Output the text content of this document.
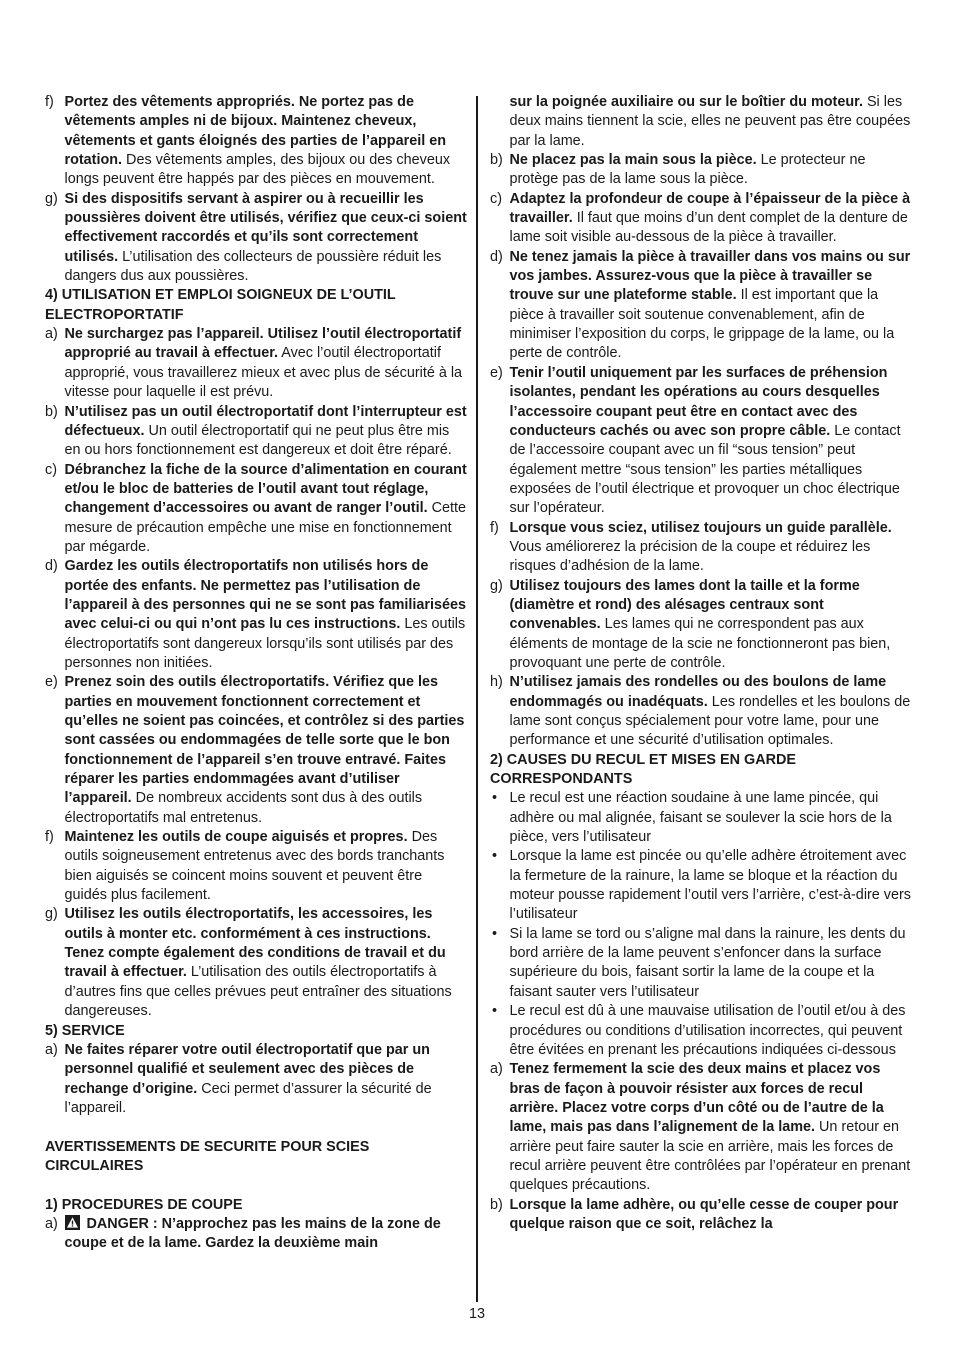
f) Portez des vêtements appropriés. Ne portez pas de vêtements amples ni de bijoux. Maintenez cheveux, vêtements et gants éloignés des parties de l’appareil en rotation. Des vêtements amples, des bijoux ou des cheveux longs peuvent être happés par des pièces en mouvement.
g) Si des dispositifs servant à aspirer ou à recueillir les poussières doivent être utilisés, vérifiez que ceux-ci soient effectivement raccordés et qu’ils sont correctement utilisés. L’utilisation des collecteurs de poussière réduit les dangers dus aux poussières.
4) UTILISATION ET EMPLOI SOIGNEUX DE L’OUTIL ELECTROPORTATIF
a) Ne surchargez pas l’appareil. Utilisez l’outil électroportatif approprié au travail à effectuer. Avec l’outil électroportatif approprié, vous travaillerez mieux et avec plus de sécurité à la vitesse pour laquelle il est prévu.
b) N’utilisez pas un outil électroportatif dont l’interrupteur est défectueux. Un outil électroportatif qui ne peut plus être mis en ou hors fonctionnement est dangereux et doit être réparé.
c) Débranchez la fiche de la source d’alimentation en courant et/ou le bloc de batteries de l’outil avant tout réglage, changement d’accessoires ou avant de ranger l’outil. Cette mesure de précaution empêche une mise en fonctionnement par mégarde.
d) Gardez les outils électroportatifs non utilisés hors de portée des enfants. Ne permettez pas l’utilisation de l’appareil à des personnes qui ne se sont pas familiarisées avec celui-ci ou qui n’ont pas lu ces instructions. Les outils électroportatifs sont dangereux lorsqu’ils sont utilisés par des personnes non initiées.
e) Prenez soin des outils électroportatifs. Vérifiez que les parties en mouvement fonctionnent correctement et qu’elles ne soient pas coincées, et contrôlez si des parties sont cassées ou endommagées de telle sorte que le bon fonctionnement de l’appareil s’en trouve entravé. Faites réparer les parties endommagées avant d’utiliser l’appareil. De nombreux accidents sont dus à des outils électroportatifs mal entretenus.
f) Maintenez les outils de coupe aiguisés et propres. Des outils soigneusement entretenus avec des bords tranchants bien aiguisés se coincent moins souvent et peuvent être guidés plus facilement.
g) Utilisez les outils électroportatifs, les accessoires, les outils à monter etc. conformément à ces instructions. Tenez compte également des conditions de travail et du travail à effectuer. L’utilisation des outils électroportatifs à d’autres fins que celles prévues peut entraîner des situations dangereuses.
5) SERVICE
a) Ne faites réparer votre outil électroportatif que par un personnel qualifié et seulement avec des pièces de rechange d’origine. Ceci permet d’assurer la sécurité de l’appareil.
AVERTISSEMENTS DE SECURITE POUR SCIES CIRCULAIRES
1) PROCEDURES DE COUPE
a) DANGER : N’approchez pas les mains de la zone de coupe et de la lame. Gardez la deuxième main
sur la poignée auxiliaire ou sur le boîtier du moteur. Si les deux mains tiennent la scie, elles ne peuvent pas être coupées par la lame.
b) Ne placez pas la main sous la pièce. Le protecteur ne protège pas de la lame sous la pièce.
c) Adaptez la profondeur de coupe à l’épaisseur de la pièce à travailler. Il faut que moins d’un dent complet de la denture de lame soit visible au-dessous de la pièce à travailler.
d) Ne tenez jamais la pièce à travailler dans vos mains ou sur vos jambes. Assurez-vous que la pièce à travailler se trouve sur une plateforme stable. Il est important que la pièce à travailler soit soutenue convenablement, afin de minimiser l’exposition du corps, le grippage de la lame, ou la perte de contrôle.
e) Tenir l’outil uniquement par les surfaces de préhension isolantes, pendant les opérations au cours desquelles l’accessoire coupant peut être en contact avec des conducteurs cachés ou avec son propre câble. Le contact de l’accessoire coupant avec un fil “sous tension” peut également mettre “sous tension” les parties métalliques exposées de l’outil électrique et provoquer un choc électrique sur l’opérateur.
f) Lorsque vous sciez, utilisez toujours un guide parallèle. Vous améliorerez la précision de la coupe et réduirez les risques d’adhésion de la lame.
g) Utilisez toujours des lames dont la taille et la forme (diamètre et rond) des alésages centraux sont convenables. Les lames qui ne correspondent pas aux éléments de montage de la scie ne fonctionneront pas bien, provoquant une perte de contrôle.
h) N’utilisez jamais des rondelles ou des boulons de lame endommagés ou inadéquats. Les rondelles et les boulons de lame sont conçus spécialement pour votre lame, pour une performance et une sécurité d’utilisation optimales.
2) CAUSES DU RECUL ET MISES EN GARDE CORRESPONDANTS
• Le recul est une réaction soudaine à une lame pincée, qui adhère ou mal alignée, faisant se soulever la scie hors de la pièce, vers l’utilisateur
• Lorsque la lame est pincée ou qu’elle adhère étroitement avec la fermeture de la rainure, la lame se bloque et la réaction du moteur pousse rapidement l’outil vers l’arrière, c’est-à-dire vers l’utilisateur
• Si la lame se tord ou s’aligne mal dans la rainure, les dents du bord arrière de la lame peuvent s’enfoncer dans la surface supérieure du bois, faisant sortir la lame de la coupe et la faisant sauter vers l’utilisateur
• Le recul est dû à une mauvaise utilisation de l’outil et/ou à des procédures ou conditions d’utilisation incorrectes, qui peuvent être évitées en prenant les précautions indiquées ci-dessous
a) Tenez fermement la scie des deux mains et placez vos bras de façon à pouvoir résister aux forces de recul arrière. Placez votre corps d’un côté ou de l’autre de la lame, mais pas dans l’alignement de la lame. Un retour en arrière peut faire sauter la scie en arrière, mais les forces de recul arrière peuvent être contrôlées par l’opérateur en prenant quelques précautions.
b) Lorsque la lame adhère, ou qu’elle cesse de couper pour quelque raison que ce soit, relâchez la
13
